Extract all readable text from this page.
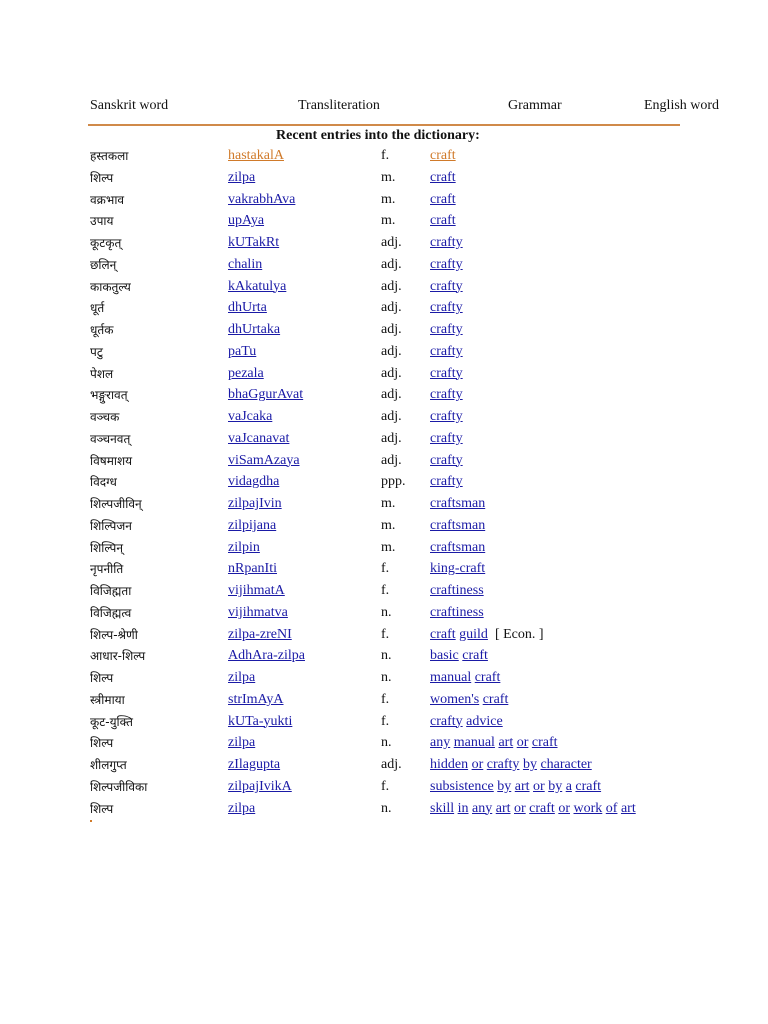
Sanskrit word	Transliteration	Grammar	English word
Recent entries into the dictionary:
हस्तकला	hastakalA	f.	craft
शिल्प	zilpa	m. craft
वक्रभाव	vakrabhAva	m. craft
उपाय	upAya	m. craft
कूटकृत्	kUTakRt	adj. crafty
छलिन्	chalin	adj. crafty
काकतुल्य	kAkatulya	adj. crafty
धूर्त	dhUrta	adj. crafty
धूर्तक	dhUrtaka	adj. crafty
पटु	paTu	adj. crafty
पेशल	pezala	adj. crafty
भङ्गुरावत्	bhaGgurAvat	adj. crafty
वञ्चक	vaJcaka	adj. crafty
वञ्चनवत्	vaJcanavat	adj. crafty
विषमाशय	viSamAzaya	adj. crafty
विदग्ध	vidagdha	ppp. crafty
शिल्पजीविन्	zilpajIvin	m. craftsman
शिल्पिजन	zilpijana	m. craftsman
शिल्पिन्	zilpin	m. craftsman
नृपनीति	nRpanIti	f.	king-craft
विजिह्मता	vijihmatA	f.	craftiness
विजिह्मत्व	vijihmatva	n.	craftiness
शिल्प-श्रेणी	zilpa-zreNI	f.	craft guild [ Econ. ]
आधार-शिल्प	AdhAra-zilpa	n.	basic craft
शिल्प	zilpa	n.	manual craft
स्त्रीमाया	strImAyA	f.	women's craft
कूट-युक्ति	kUTa-yukti	f.	crafty advice
शिल्प	zilpa	n.	any manual art or craft
शीलगुप्त	zIlagupta	adj. hidden or crafty by character
शिल्पजीविका	zilpajIvikA	f.	subsistence by art or by a craft
शिल्प	zilpa	n.	skill in any art or craft or work of art
